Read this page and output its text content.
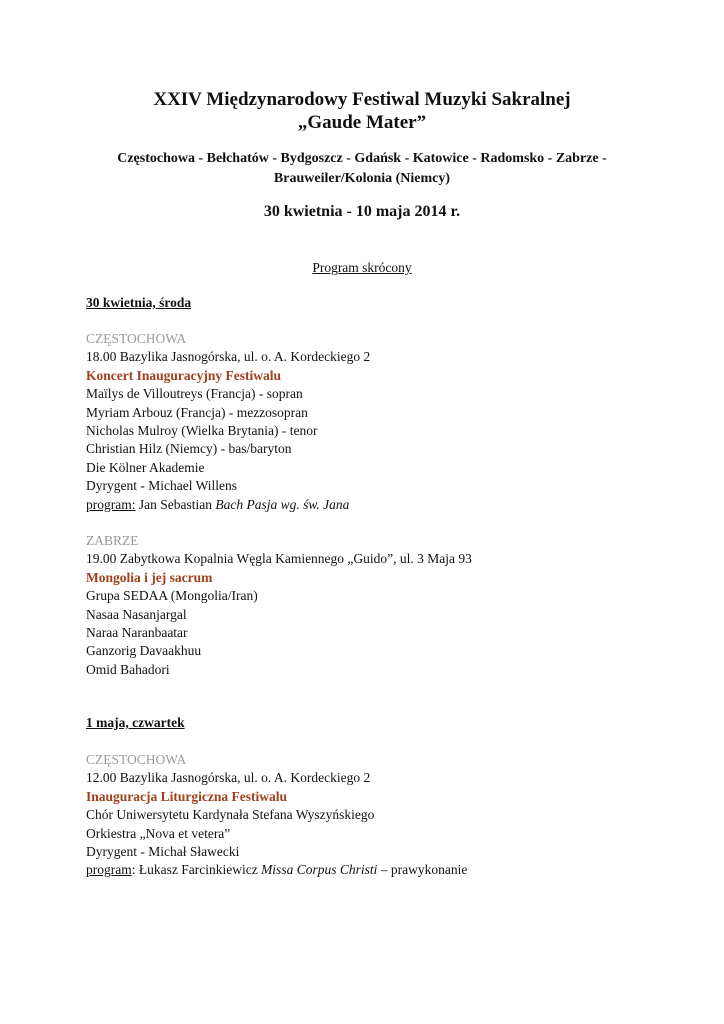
XXIV Międzynarodowy Festiwal Muzyki Sakralnej
„Gaude Mater”
Częstochowa - Bełchatów - Bydgoszcz - Gdańsk - Katowice - Radomsko - Zabrze -
Brauweiler/Kolonia (Niemcy)
30 kwietnia - 10 maja 2014 r.
Program skrócony
30 kwietnia, środa
CZĘSTOCHOWA
18.00 Bazylika Jasnogórska, ul. o. A. Kordeckiego 2
Koncert Inauguracyjny Festiwalu
Maïlys de Villoutreys (Francja) - sopran
Myriam Arbouz (Francja) - mezzosopran
Nicholas Mulroy (Wielka Brytania) - tenor
Christian Hilz (Niemcy) - bas/baryton
Die Kölner Akademie
Dyrygent - Michael Willens
program: Jan Sebastian Bach Pasja wg. św. Jana
ZABRZE
19.00 Zabytkowa Kopalnia Węgla Kamiennego „Guido”, ul. 3 Maja 93
Mongolia i jej sacrum
Grupa SEDAA (Mongolia/Iran)
Nasaa Nasanjargal
Naraa Naranbaatar
Ganzorig Davaakhuu
Omid Bahadori
1 maja, czwartek
CZĘSTOCHOWA
12.00 Bazylika Jasnogórska, ul. o. A. Kordeckiego 2
Inauguracja Liturgiczna Festiwalu
Chór Uniwersytetu Kardynała Stefana Wyszyńskiego
Orkiestra „Nova et vetera”
Dyrygent - Michał Sławecki
program: Łukasz Farcinkiewicz Missa Corpus Christi – prawykonanie
